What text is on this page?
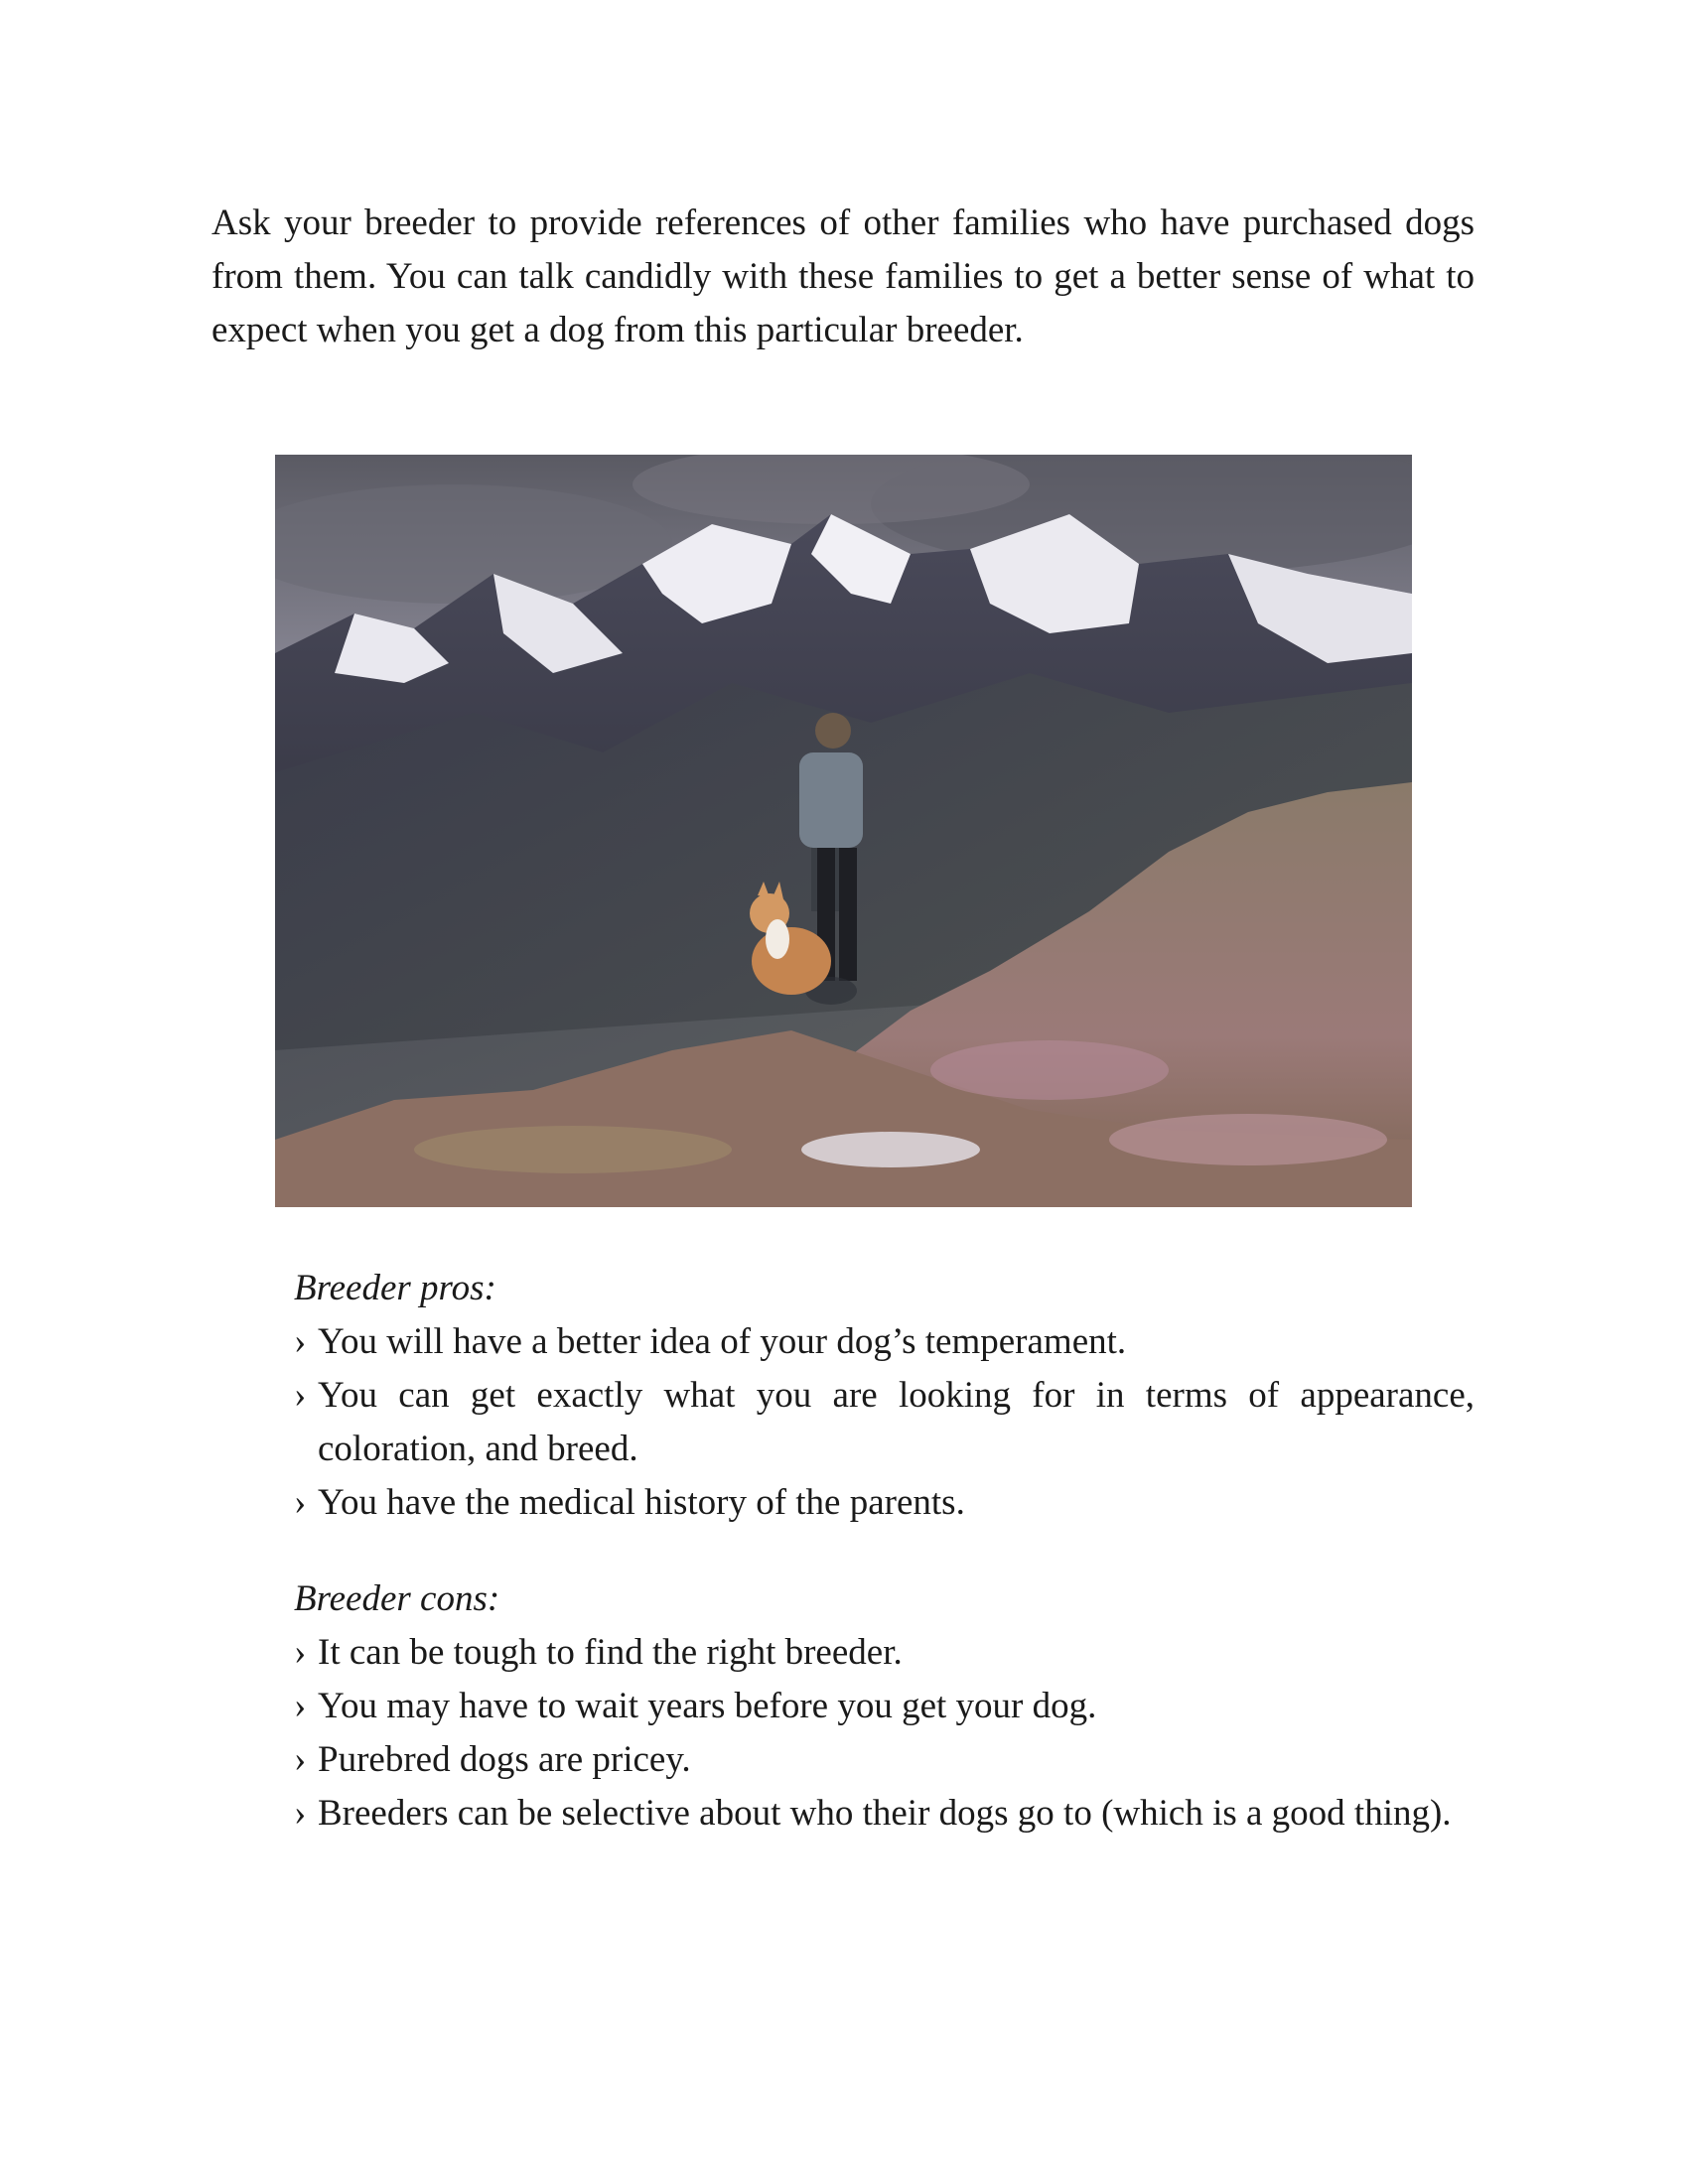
Ask your breeder to provide references of other families who have purchased dogs from them. You can talk candidly with these families to get a better sense of what to expect when you get a dog from this particular breeder.

Breeder pros:

› You will have a better idea of your dog’s temperament.
› You can get exactly what you are looking for in terms of appearance, coloration, and breed.
› You have the medical history of the parents.

Breeder cons:

› It can be tough to find the right breeder.
› You may have to wait years before you get your dog.
› Purebred dogs are pricey.
› Breeders can be selective about who their dogs go to (which is a good thing).
